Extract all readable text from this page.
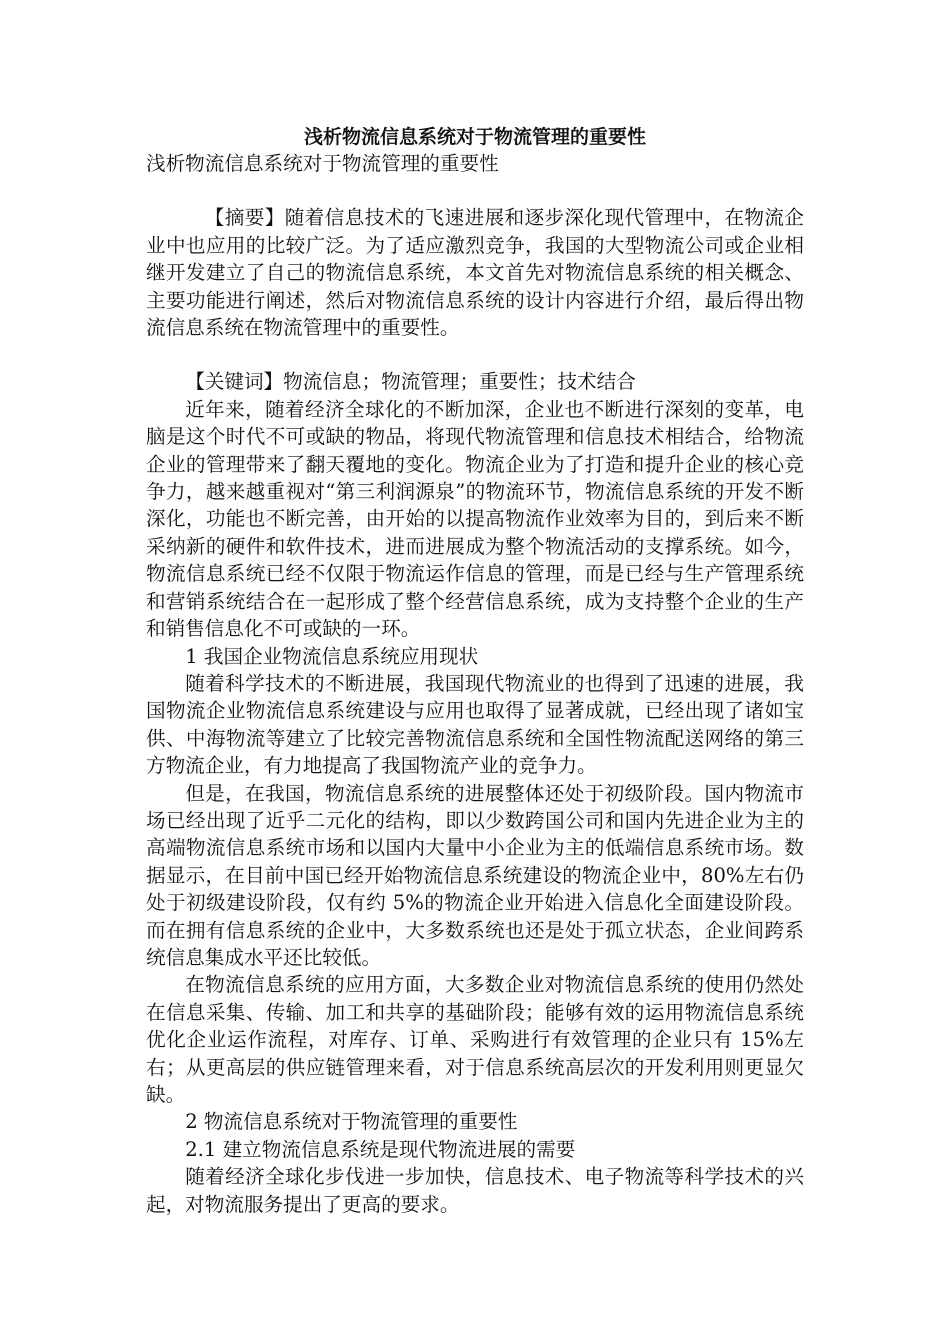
浅析物流信息系统对于物流管理的重要性

浅析物流信息系统对于物流管理的重要性

【摘要】随着信息技术的飞速进展和逐步深化现代管理中，在物流企业中也应用的比较广泛。为了适应激烈竞争，我国的大型物流公司或企业相继开发建立了自己的物流信息系统，本文首先对物流信息系统的相关概念、主要功能进行阐述，然后对物流信息系统的设计内容进行介绍，最后得出物流信息系统在物流管理中的重要性。

【关键词】物流信息；物流管理；重要性；技术结合

近年来，随着经济全球化的不断加深，企业也不断进行深刻的变革，电脑是这个时代不可或缺的物品，将现代物流管理和信息技术相结合，给物流企业的管理带来了翻天覆地的变化。物流企业为了打造和提升企业的核心竞争力，越来越重视对“第三利润源泉”的物流环节，物流信息系统的开发不断深化，功能也不断完善，由开始的以提高物流作业效率为目的，到后来不断采纳新的硬件和软件技术，进而进展成为整个物流活动的支撑系统。如今，物流信息系统已经不仅限于物流运作信息的管理，而是已经与生产管理系统和营销系统结合在一起形成了整个经营信息系统，成为支持整个企业的生产和销售信息化不可或缺的一环。

1 我国企业物流信息系统应用现状

随着科学技术的不断进展，我国现代物流业的也得到了迅速的进展，我国物流企业物流信息系统建设与应用也取得了显著成就，已经出现了诸如宝供、中海物流等建立了比较完善物流信息系统和全国性物流配送网络的第三方物流企业，有力地提高了我国物流产业的竞争力。

但是，在我国，物流信息系统的进展整体还处于初级阶段。国内物流市场已经出现了近乎二元化的结构，即以少数跨国公司和国内先进企业为主的高端物流信息系统市场和以国内大量中小企业为主的低端信息系统市场。数据显示，在目前中国已经开始物流信息系统建设的物流企业中，80%左右仍处于初级建设阶段，仅有约 5%的物流企业开始进入信息化全面建设阶段。而在拥有信息系统的企业中，大多数系统也还是处于孤立状态，企业间跨系统信息集成水平还比较低。

在物流信息系统的应用方面，大多数企业对物流信息系统的使用仍然处在信息采集、传输、加工和共享的基础阶段；能够有效的运用物流信息系统优化企业运作流程，对库存、订单、采购进行有效管理的企业只有 15%左右；从更高层的供应链管理来看，对于信息系统高层次的开发利用则更显欠缺。

2 物流信息系统对于物流管理的重要性

2.1 建立物流信息系统是现代物流进展的需要

随着经济全球化步伐进一步加快，信息技术、电子物流等科学技术的兴起，对物流服务提出了更高的要求。
